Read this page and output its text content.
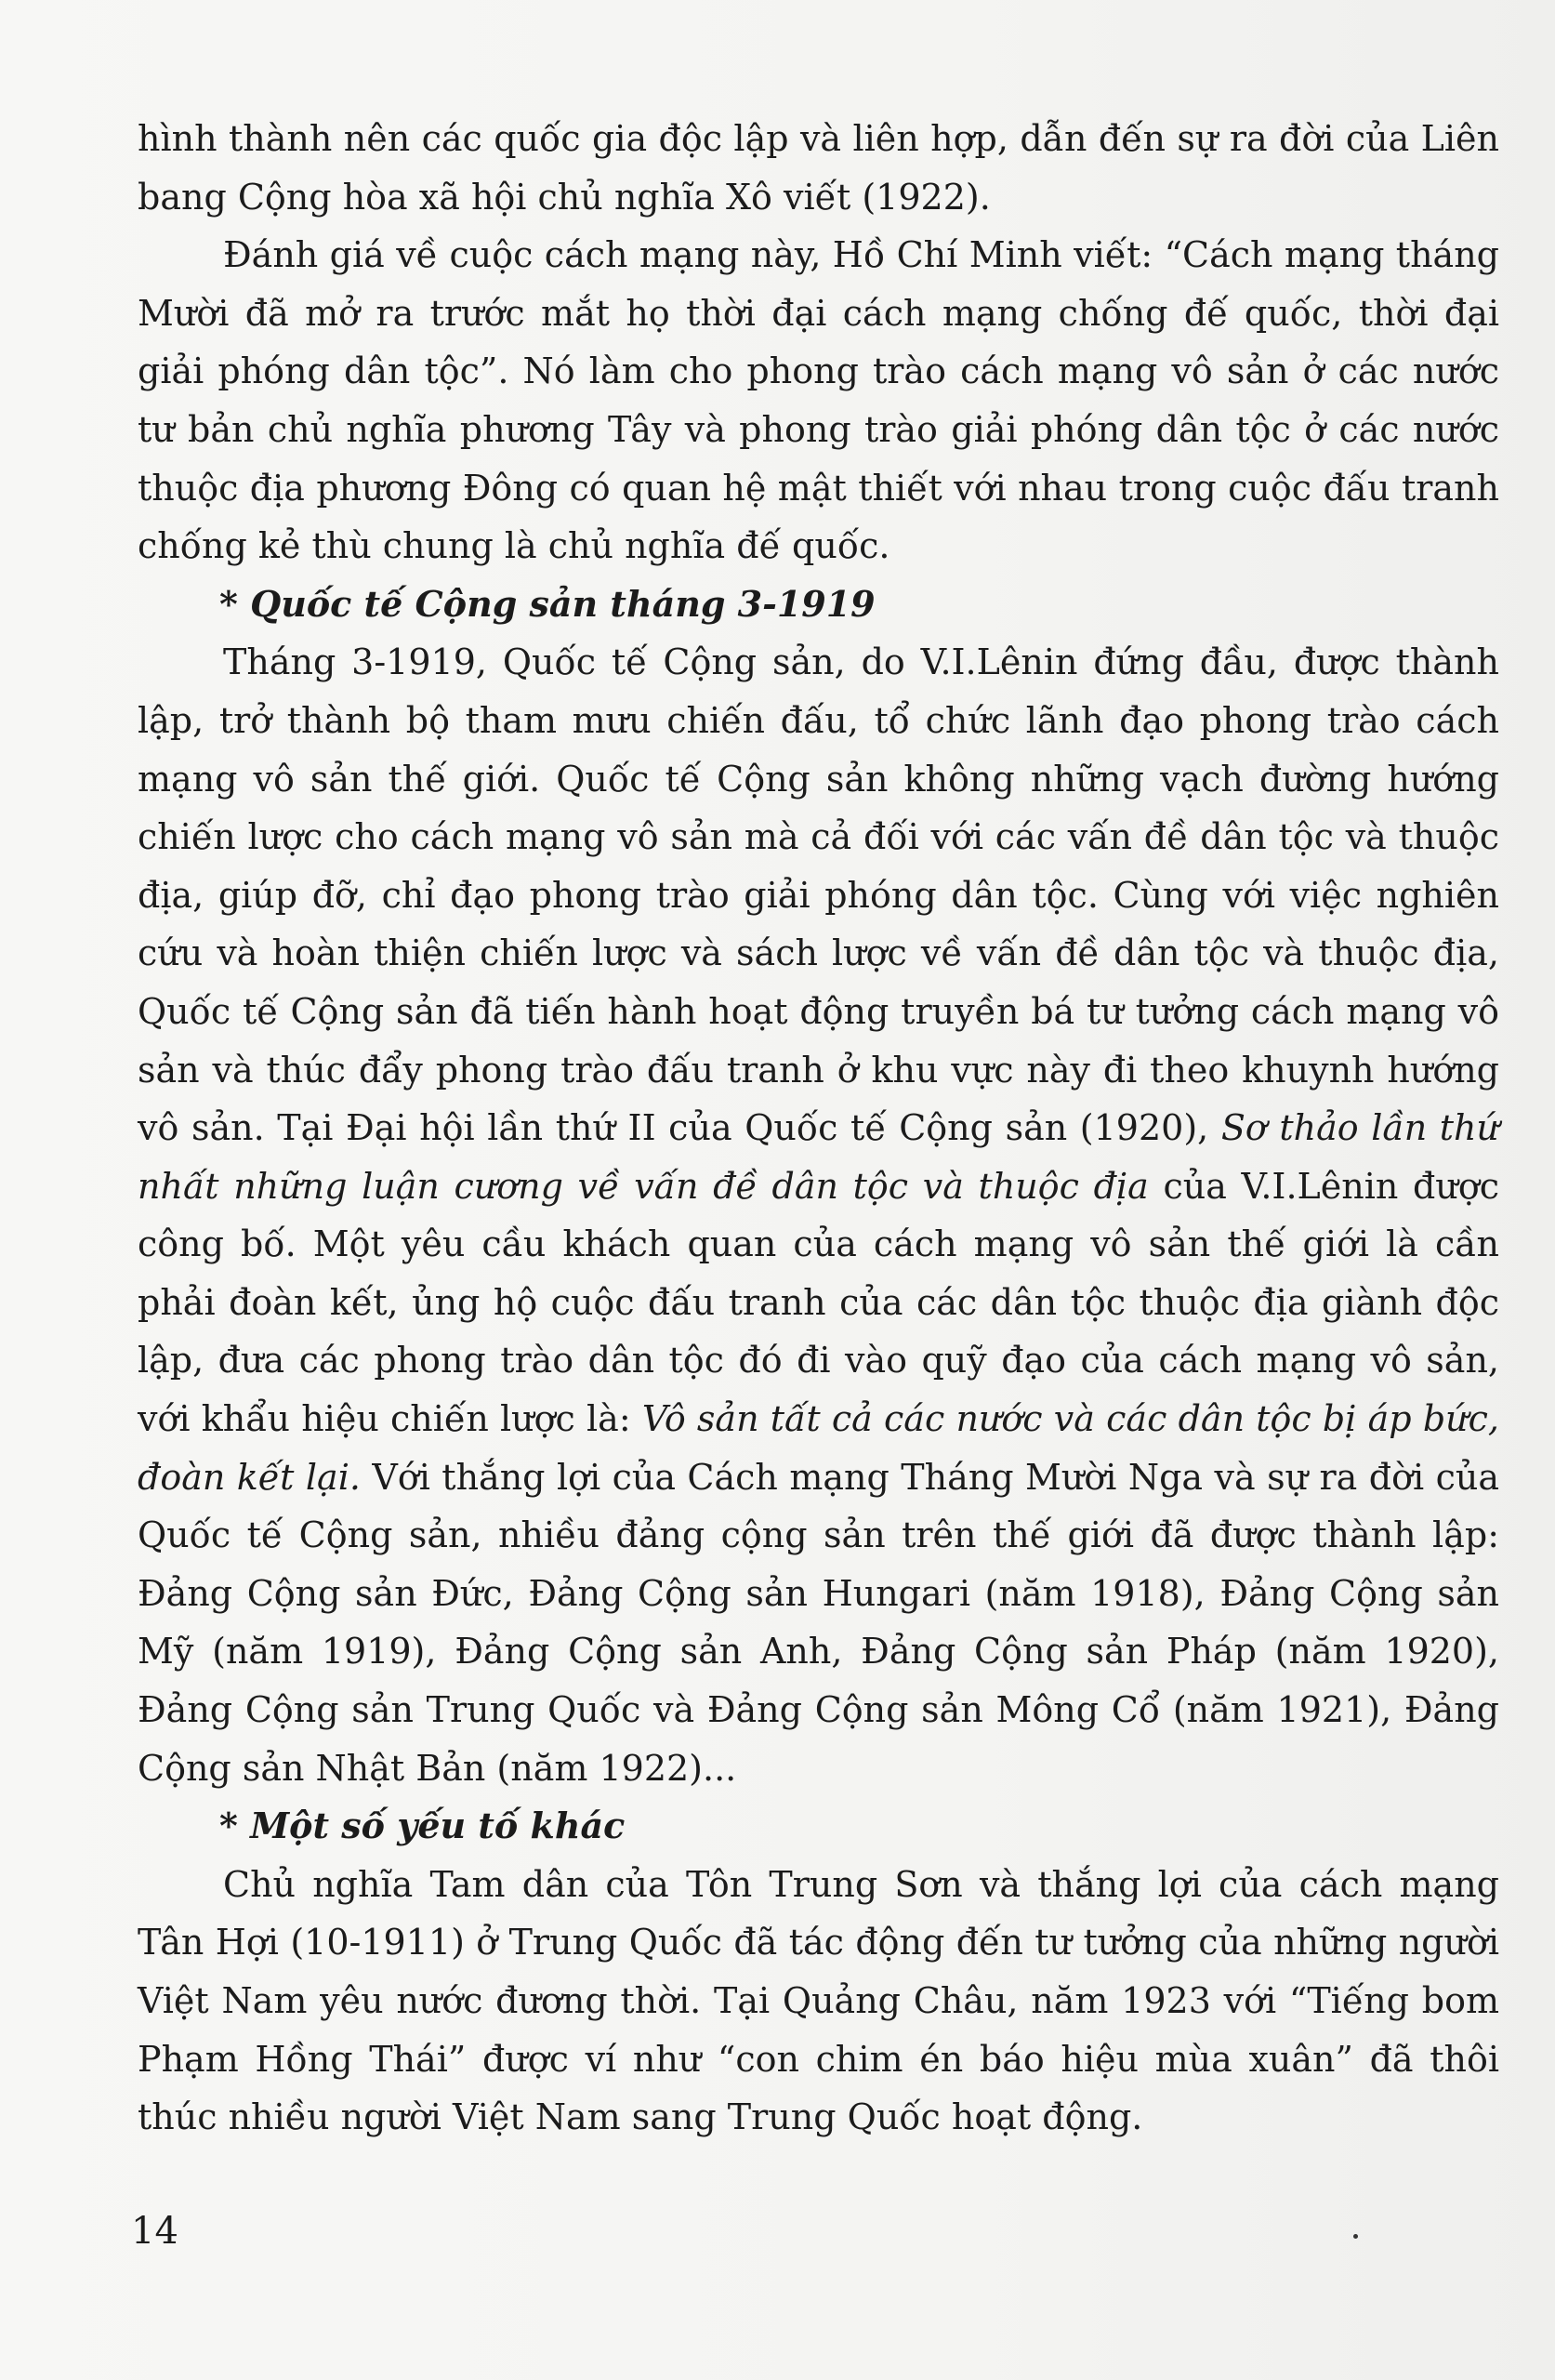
hình thành nên các quốc gia độc lập và liên hợp, dẫn đến sự ra đời của Liên bang Cộng hòa xã hội chủ nghĩa Xô viết (1922).

Đánh giá về cuộc cách mạng này, Hồ Chí Minh viết: “Cách mạng tháng Mười đã mở ra trước mắt họ thời đại cách mạng chống đế quốc, thời đại giải phóng dân tộc”. Nó làm cho phong trào cách mạng vô sản ở các nước tư bản chủ nghĩa phương Tây và phong trào giải phóng dân tộc ở các nước thuộc địa phương Đông có quan hệ mật thiết với nhau trong cuộc đấu tranh chống kẻ thù chung là chủ nghĩa đế quốc.

* Quốc tế Cộng sản tháng 3-1919

Tháng 3-1919, Quốc tế Cộng sản, do V.I.Lênin đứng đầu, được thành lập, trở thành bộ tham mưu chiến đấu, tổ chức lãnh đạo phong trào cách mạng vô sản thế giới. Quốc tế Cộng sản không những vạch đường hướng chiến lược cho cách mạng vô sản mà cả đối với các vấn đề dân tộc và thuộc địa, giúp đỡ, chỉ đạo phong trào giải phóng dân tộc. Cùng với việc nghiên cứu và hoàn thiện chiến lược và sách lược về vấn đề dân tộc và thuộc địa, Quốc tế Cộng sản đã tiến hành hoạt động truyền bá tư tưởng cách mạng vô sản và thúc đẩy phong trào đấu tranh ở khu vực này đi theo khuynh hướng vô sản. Tại Đại hội lần thứ II của Quốc tế Cộng sản (1920), Sơ thảo lần thứ nhất những luận cương về vấn đề dân tộc và thuộc địa của V.I.Lênin được công bố. Một yêu cầu khách quan của cách mạng vô sản thế giới là cần phải đoàn kết, ủng hộ cuộc đấu tranh của các dân tộc thuộc địa giành độc lập, đưa các phong trào dân tộc đó đi vào quỹ đạo của cách mạng vô sản, với khẩu hiệu chiến lược là: Vô sản tất cả các nước và các dân tộc bị áp bức, đoàn kết lại. Với thắng lợi của Cách mạng Tháng Mười Nga và sự ra đời của Quốc tế Cộng sản, nhiều đảng cộng sản trên thế giới đã được thành lập: Đảng Cộng sản Đức, Đảng Cộng sản Hungari (năm 1918), Đảng Cộng sản Mỹ (năm 1919), Đảng Cộng sản Anh, Đảng Cộng sản Pháp (năm 1920), Đảng Cộng sản Trung Quốc và Đảng Cộng sản Mông Cổ (năm 1921), Đảng Cộng sản Nhật Bản (năm 1922)...

* Một số yếu tố khác

Chủ nghĩa Tam dân của Tôn Trung Sơn và thắng lợi của cách mạng Tân Hợi (10-1911) ở Trung Quốc đã tác động đến tư tưởng của những người Việt Nam yêu nước đương thời. Tại Quảng Châu, năm 1923 với “Tiếng bom Phạm Hồng Thái” được ví như “con chim én báo hiệu mùa xuân” đã thôi thúc nhiều người Việt Nam sang Trung Quốc hoạt động.

14
